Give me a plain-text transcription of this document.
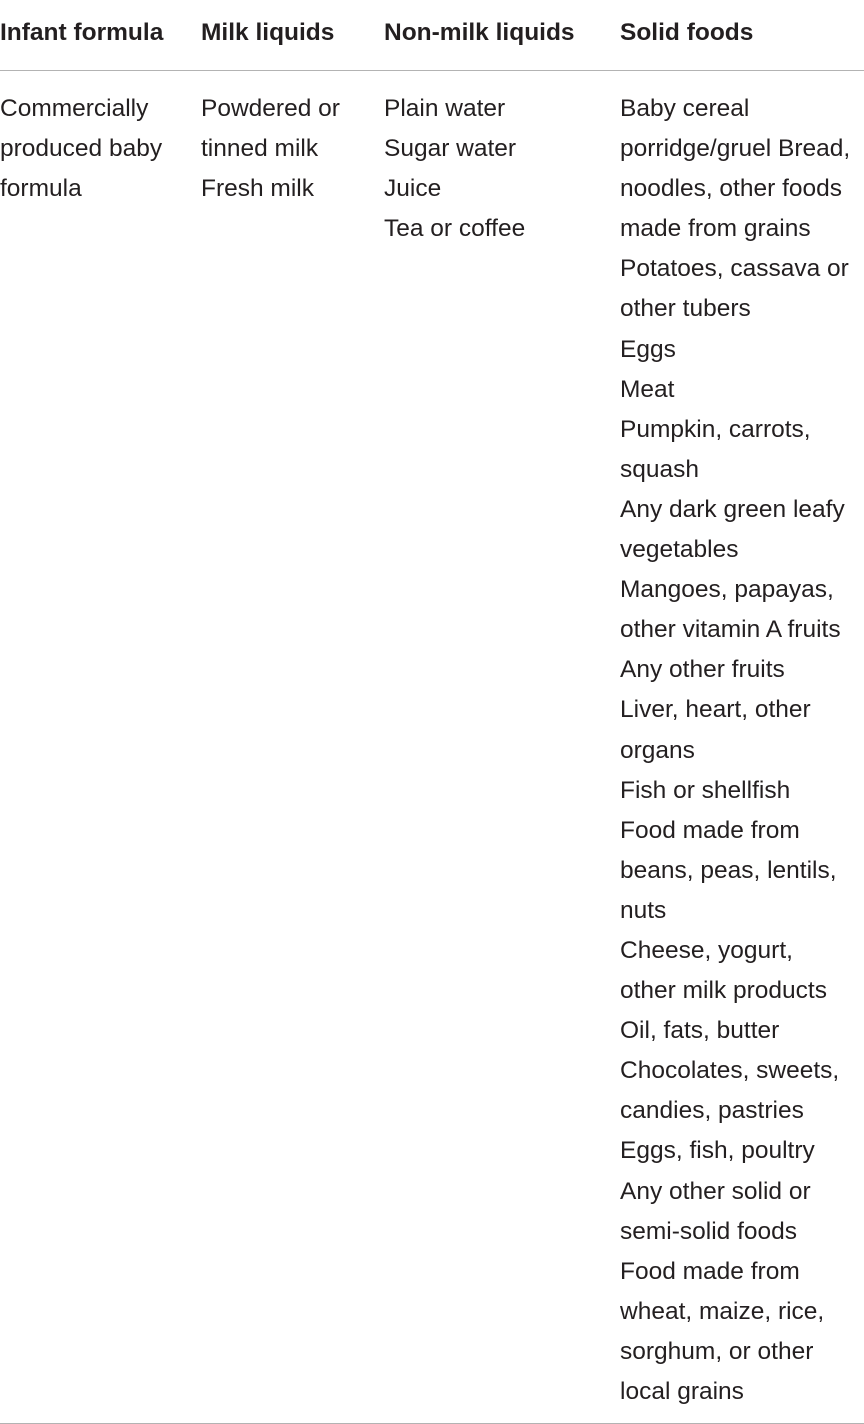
Infant formula Milk liquids Non-milk liquids Solid foods
Commercially
produced baby
formula
Powdered or
tinned milk
Fresh milk
Plain water
Sugar water
Juice
Tea or coffee
Baby cereal
porridge/gruel Bread,
noodles, other foods
made from grains
Potatoes, cassava or
other tubers
Eggs
Meat
Pumpkin, carrots,
squash
Any dark green leafy
vegetables
Mangoes, papayas,
other vitamin A fruits
Any other fruits
Liver, heart, other
organs
Fish or shellfish
Food made from
beans, peas, lentils,
nuts
Cheese, yogurt,
other milk products
Oil, fats, butter
Chocolates, sweets,
candies, pastries
Eggs, fish, poultry
Any other solid or
semi-solid foods
Food made from
wheat, maize, rice,
sorghum, or other
local grains
